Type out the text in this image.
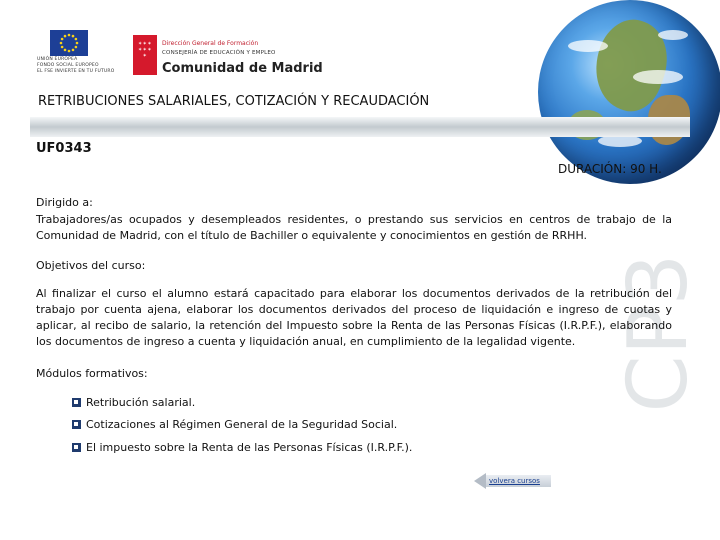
UNIÓN EUROPEA
FONDO SOCIAL EUROPEO
EL FSE INVIERTE EN TU FUTURO
✶✶✶
✶✶✶
✶
Dirección General de Formación
CONSEJERÍA DE EDUCACIÓN Y EMPLEO
Comunidad de Madrid
RETRIBUCIONES SALARIALES, COTIZACIÓN Y RECAUDACIÓN
UF0343
DURACIÓN: 90 H.
CP3
Dirigido a:
Trabajadores/as ocupados y desempleados residentes, o prestando sus servicios en centros de trabajo de la Comunidad de Madrid, con el título de Bachiller o equivalente y conocimientos en gestión de RRHH.
Objetivos del curso:
Al finalizar el curso el alumno estará capacitado para elaborar los documentos derivados de la retribución del trabajo por cuenta ajena, elaborar los documentos derivados del proceso de liquidación e ingreso de cuotas y aplicar, al recibo de salario, la retención del Impuesto sobre la Renta de las Personas Físicas (I.R.P.F.), elaborando los documentos de ingreso a cuenta y liquidación anual, en cumplimiento de la legalidad vigente.
Módulos formativos:
Retribución salarial.
Cotizaciones al Régimen General de la Seguridad Social.
El impuesto sobre la Renta de las Personas Físicas (I.R.P.F.).
volvera cursos
